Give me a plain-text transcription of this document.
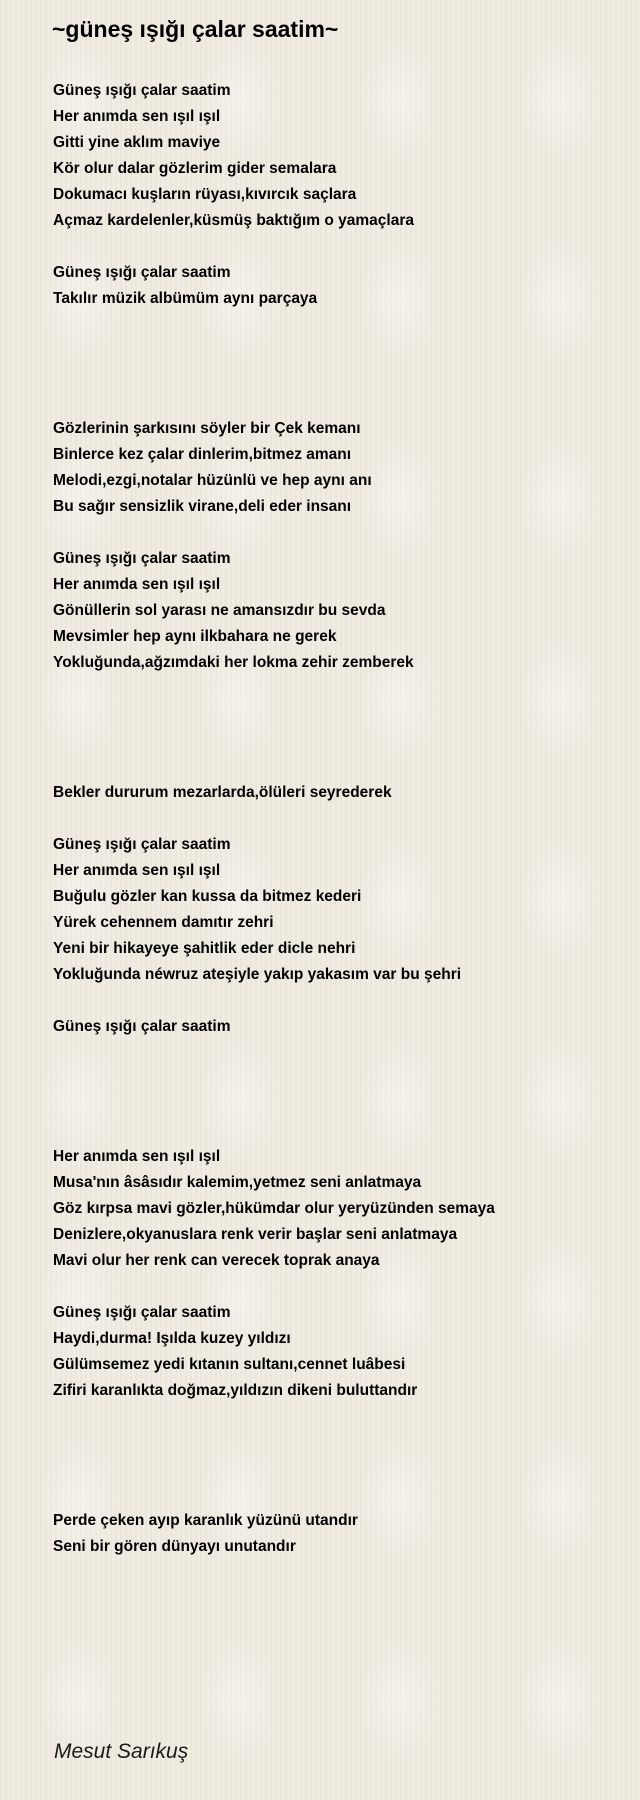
~güneş ışığı çalar saatim~
Güneş ışığı çalar saatim
Her anımda sen ışıl ışıl
Gitti yine aklım maviye
Kör olur dalar gözlerim gider semalara
Dokumacı kuşların rüyası,kıvırcık saçlara
Açmaz kardelenler,küsmüş baktığım o yamaçlara
Güneş ışığı çalar saatim
Takılır müzik albümüm aynı parçaya
Gözlerinin şarkısını söyler bir Çek kemanı
Binlerce kez çalar dinlerim,bitmez amanı
Melodi,ezgi,notalar hüzünlü ve hep aynı anı
Bu sağır sensizlik virane,deli eder insanı
Güneş ışığı çalar saatim
Her anımda sen ışıl ışıl
Gönüllerin sol yarası ne amansızdır bu sevda
Mevsimler hep aynı ilkbahara ne gerek
Yokluğunda,ağzımdaki her lokma zehir zemberek
Bekler dururum mezarlarda,ölüleri seyrederek
Güneş ışığı çalar saatim
Her anımda sen ışıl ışıl
Buğulu gözler kan kussa da bitmez kederi
Yürek cehennem damıtır zehri
Yeni bir hikayeye şahitlik eder dicle nehri
Yokluğunda néwruz ateşiyle yakıp yakasım var bu şehri
Güneş ışığı çalar saatim
Her anımda sen ışıl ışıl
Musa'nın âsâsıdır kalemim,yetmez seni anlatmaya
Göz kırpsa mavi gözler,hükümdar olur yeryüzünden semaya
Denizlere,okyanuslara renk verir başlar seni anlatmaya
Mavi olur her renk can verecek toprak anaya
Güneş ışığı çalar saatim
Haydi,durma! Işılda kuzey yıldızı
Gülümsemez yedi kıtanın sultanı,cennet luâbesi
Zifiri karanlıkta doğmaz,yıldızın dikeni buluttandır
Perde çeken ayıp karanlık yüzünü utandır
Seni bir gören dünyayı unutandır
Mesut Sarıkuş
